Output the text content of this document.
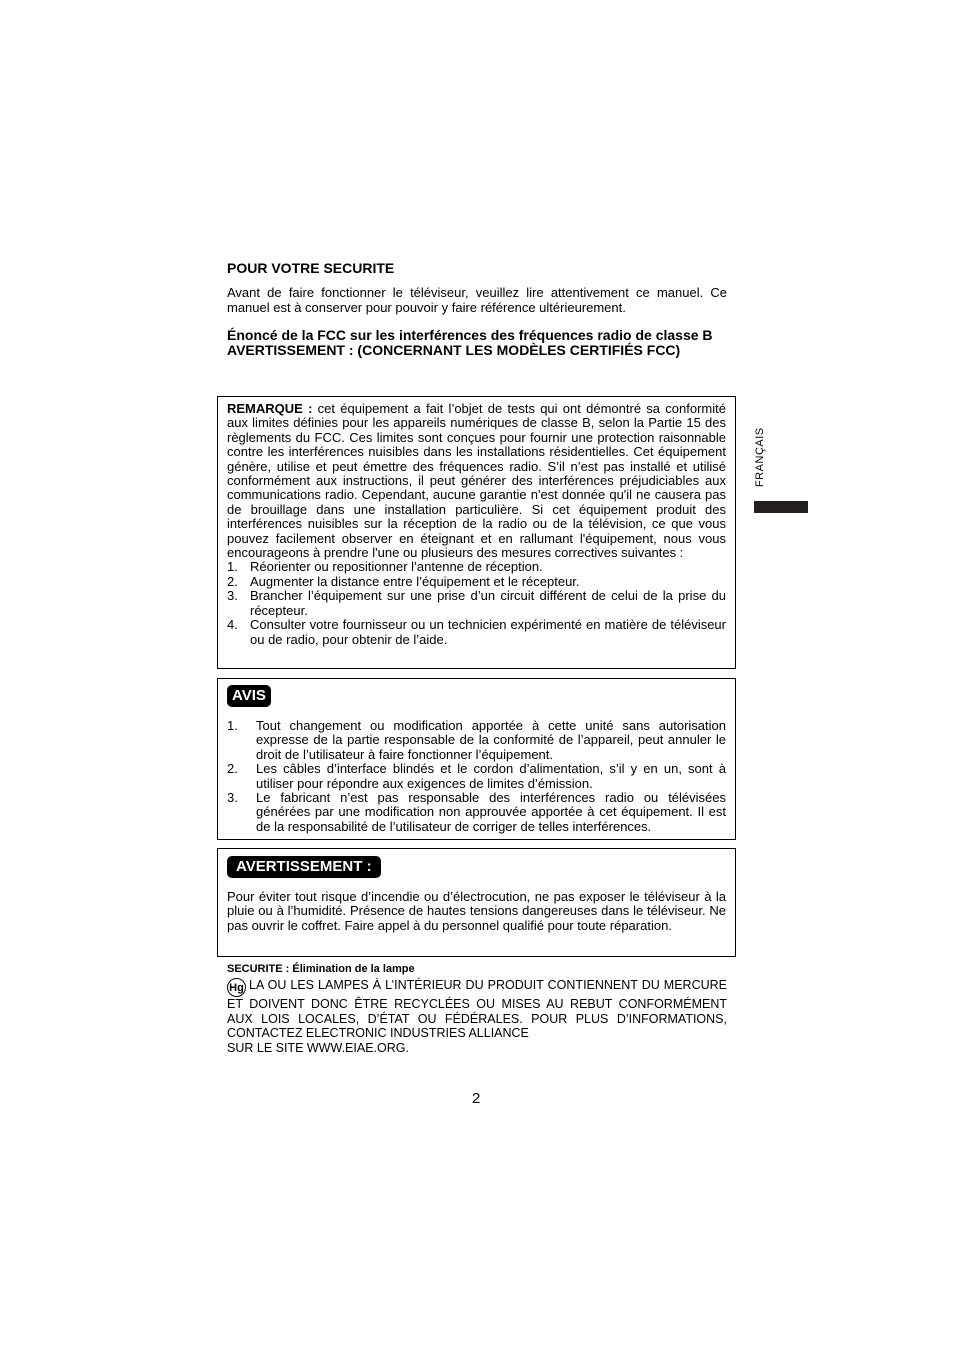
POUR VOTRE SECURITE

Avant de faire fonctionner le téléviseur, veuillez lire attentivement ce manuel. Ce manuel est à conserver pour pouvoir y faire référence ultérieurement.

Énoncé de la FCC sur les interférences des fréquences radio de classe B
AVERTISSEMENT : (CONCERNANT LES MODÈLES CERTIFIÉS FCC)

REMARQUE : cet équipement a fait l’objet de tests qui ont démontré sa conformité aux limites définies pour les appareils numériques de classe B, selon la Partie 15 des règlements du FCC. Ces limites sont conçues pour fournir une protection raisonnable contre les interférences nuisibles dans les installations résidentielles. Cet équipement génère, utilise et peut émettre des fréquences radio. S’il n’est pas installé et utilisé conformément aux instructions, il peut générer des interférences préjudiciables aux communications radio. Cependant, aucune garantie n'est donnée qu'il ne causera pas de brouillage dans une installation particulière. Si cet équipement produit des interférences nuisibles sur la réception de la radio ou de la télévision, ce que vous pouvez facilement observer en éteignant et en rallumant l'équipement, nous vous encourageons à prendre l'une ou plusieurs des mesures correctives suivantes :

1. Réorienter ou repositionner l’antenne de réception.
2. Augmenter la distance entre l’équipement et le récepteur.
3. Brancher l’équipement sur une prise d’un circuit différent de celui de la prise du récepteur.
4. Consulter votre fournisseur ou un technicien expérimenté en matière de téléviseur ou de radio, pour obtenir de l’aide.
AVIS
1.	Tout changement ou modification apportée à cette unité sans autorisation expresse de la partie responsable de la conformité de l’appareil, peut annuler le droit de l’utilisateur à faire fonctionner l’équipement.
2.	Les câbles d’interface blindés et le cordon d’alimentation, s’il y en un, sont à utiliser pour répondre aux exigences de limites d’émission.
3.	Le fabricant n’est pas responsable des interférences radio ou télévisées générées par une modification non approuvée apportée à cet équipement. Il est de la responsabilité de l’utilisateur de corriger de telles interférences.
AVERTISSEMENT :

Pour éviter tout risque d’incendie ou d’électrocution, ne pas exposer le téléviseur à la pluie ou à l’humidité. Présence de hautes tensions dangereuses dans le téléviseur. Ne pas ouvrir le coffret. Faire appel à du personnel qualifié pour toute réparation.

SECURITE : Élimination de la lampe

Hg LA OU LES LAMPES À L’INTÉRIEUR DU PRODUIT CONTIENNENT DU MERCURE ET DOIVENT DONC ÊTRE RECYCLÉES OU MISES AU REBUT CONFORMÉMENT AUX LOIS LOCALES, D’ÉTAT OU FÉDÉRALES. POUR PLUS D’INFORMATIONS, CONTACTEZ ELECTRONIC INDUSTRIES ALLIANCE
SUR LE SITE WWW.EIAE.ORG.

2

FRANÇAIS
